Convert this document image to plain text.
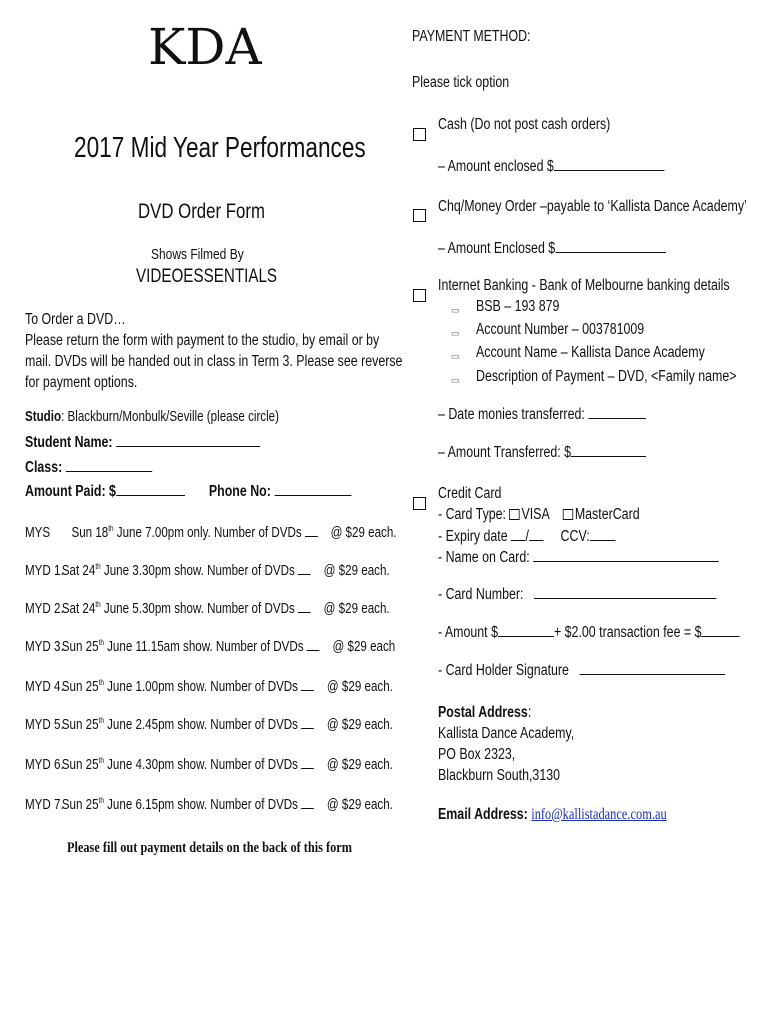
KDA
2017 Mid Year Performances
DVD Order Form
Shows Filmed By
VIDEOESSENTIALS
To Order a DVD…
Please return the form with payment to the studio, by email or by
mail. DVDs will be handed out in class in Term 3. Please see reverse
for payment options.
Studio: Blackburn/Monbulk/Seville (please circle)
Student Name:
Class:
Amount Paid: $	Phone No:
MYS Sun 18th June 7.00pm only. Number of DVDs @ $29 each.
MYD 1.Sat 24th June 3.30pm show. Number of DVDs @ $29 each.
MYD 2.Sat 24th June 5.30pm show. Number of DVDs @ $29 each.
MYD 3.Sun 25th June 11.15am show. Number of DVDs @ $29 each
MYD 4.Sun 25th June 1.00pm show. Number of DVDs @ $29 each.
MYD 5.Sun 25th June 2.45pm show. Number of DVDs @ $29 each.
MYD 6.Sun 25th June 4.30pm show. Number of DVDs @ $29 each.
MYD 7.Sun 25th June 6.15pm show. Number of DVDs @ $29 each.
Please fill out payment details on the back of this form
PAYMENT METHOD:
Please tick option
Cash (Do not post cash orders)
– Amount enclosed $
Chq/Money Order –payable to ‘Kallista Dance Academy’
– Amount Enclosed $
Internet Banking - Bank of Melbourne banking details
▭ BSB – 193 879
▭ Account Number – 003781009
▭ Account Name – Kallista Dance Academy
▭ Description of Payment – DVD, <Family name>
– Date monies transferred:
– Amount Transferred: $
Credit Card
- Card Type: VISA MasterCard
- Expiry date / CCV:
- Name on Card:
- Card Number:
- Amount $	+ $2.00 transaction fee = $
- Card Holder Signature
Postal Address:
Kallista Dance Academy,
PO Box 2323,
Blackburn South,3130
Email Address: info@kallistadance.com.au
